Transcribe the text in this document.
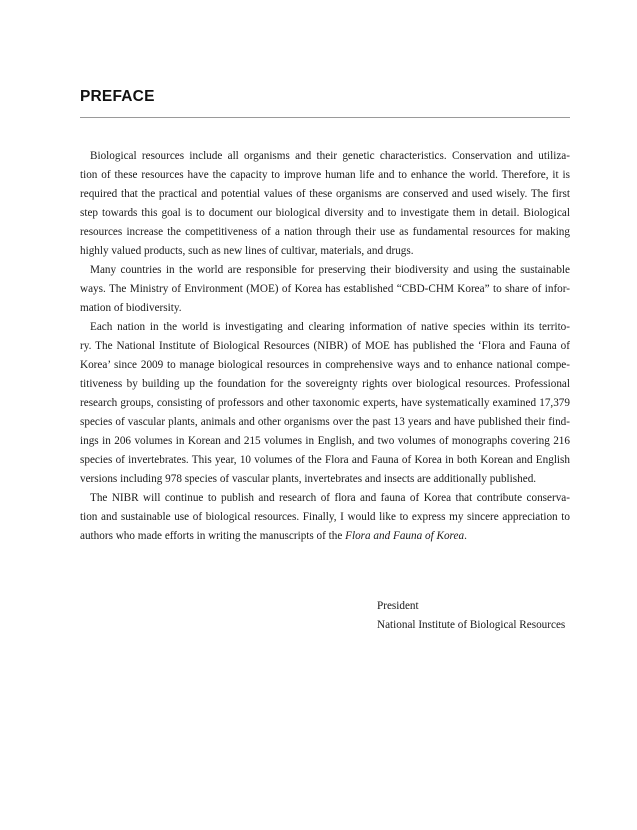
PREFACE
Biological resources include all organisms and their genetic characteristics. Conservation and utiliza-
tion of these resources have the capacity to improve human life and to enhance the world. Therefore, it is
required that the practical and potential values of these organisms are conserved and used wisely. The first
step towards this goal is to document our biological diversity and to investigate them in detail. Biological
resources increase the competitiveness of a nation through their use as fundamental resources for making
highly valued products, such as new lines of cultivar, materials, and drugs.
Many countries in the world are responsible for preserving their biodiversity and using the sustainable
ways. The Ministry of Environment (MOE) of Korea has established “CBD-CHM Korea” to share of infor-
mation of biodiversity.
Each nation in the world is investigating and clearing information of native species within its territo-
ry. The National Institute of Biological Resources (NIBR) of MOE has published the ‘Flora and Fauna of
Korea’ since 2009 to manage biological resources in comprehensive ways and to enhance national compe-
titiveness by building up the foundation for the sovereignty rights over biological resources. Professional
research groups, consisting of professors and other taxonomic experts, have systematically examined 17,379
species of vascular plants, animals and other organisms over the past 13 years and have published their find-
ings in 206 volumes in Korean and 215 volumes in English, and two volumes of monographs covering 216
species of invertebrates. This year, 10 volumes of the Flora and Fauna of Korea in both Korean and English
versions including 978 species of vascular plants, invertebrates and insects are additionally published.
The NIBR will continue to publish and research of flora and fauna of Korea that contribute conserva-
tion and sustainable use of biological resources. Finally, I would like to express my sincere appreciation to
authors who made efforts in writing the manuscripts of the Flora and Fauna of Korea.
President
National Institute of Biological Resources
